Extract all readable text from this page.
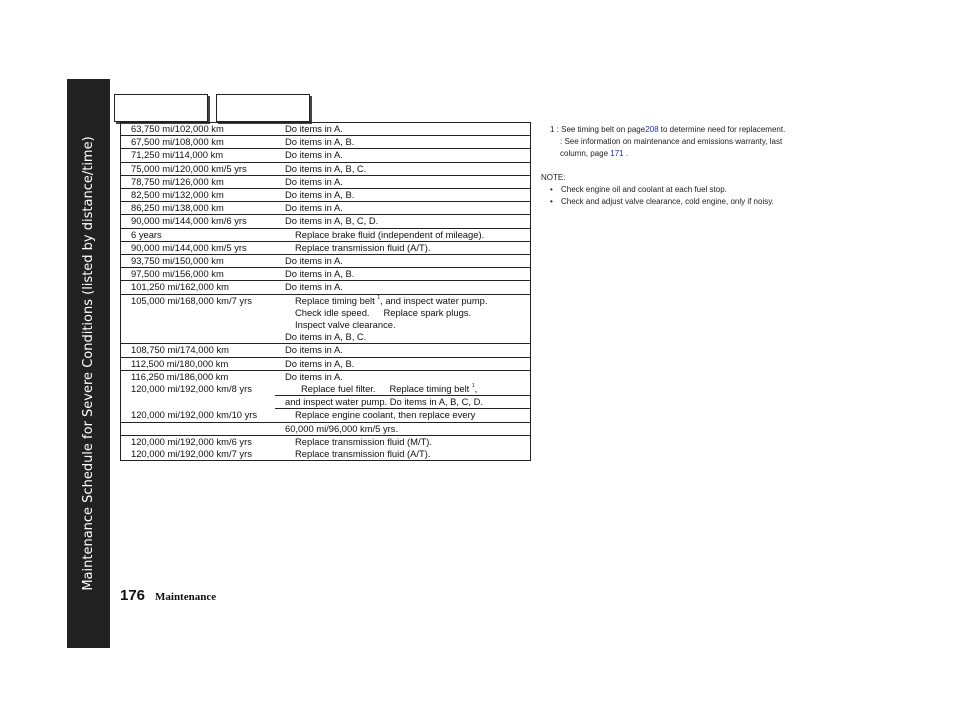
Maintenance Schedule for Severe Conditions (listed by distance/time)
63,750 mi/102,000 km	Do items in A.
67,500 mi/108,000 km	Do items in A, B.
71,250 mi/114,000 km	Do items in A.
75,000 mi/120,000 km/5 yrs	Do items in A, B, C.
78,750 mi/126,000 km	Do items in A.
82,500 mi/132,000 km	Do items in A, B.
86,250 mi/138,000 km	Do items in A.
90,000 mi/144,000 km/6 yrs	Do items in A, B, C, D.
6 years	Replace brake fluid (independent of mileage).
90,000 mi/144,000 km/5 yrs	Replace transmission fluid (A/T).
93,750 mi/150,000 km	Do items in A.
97,500 mi/156,000 km	Do items in A, B.
101,250 mi/162,000 km	Do items in A.
105,000 mi/168,000 km/7 yrs	Replace timing belt $^1$, and inspect water pump.
	Check idle speed. Replace spark plugs.
	Inspect valve clearance.
	Do items in A, B, C.
108,750 mi/174,000 km	Do items in A.
112,500 mi/180,000 km	Do items in A, B.
116,250 mi/186,000 km	Do items in A.
120,000 mi/192,000 km/8 yrs	Replace fuel filter. Replace timing belt $^1$,
	and inspect water pump. Do items in A, B, C, D.
120,000 mi/192,000 km/10 yrs	Replace engine coolant, then replace every
	60,000 mi/96,000 km/5 yrs.
120,000 mi/192,000 km/6 yrs	Replace transmission fluid (M/T).
120,000 mi/192,000 km/7 yrs	Replace transmission fluid (A/T).

1 : See timing belt on page208 to determine need for replacement.

: See information on maintenance and emissions warranty, last

column, page 171 .

NOTE:

• Check engine oil and coolant at each fuel stop.

• Check and adjust valve clearance, cold engine, only if noisy.

176 Maintenance
